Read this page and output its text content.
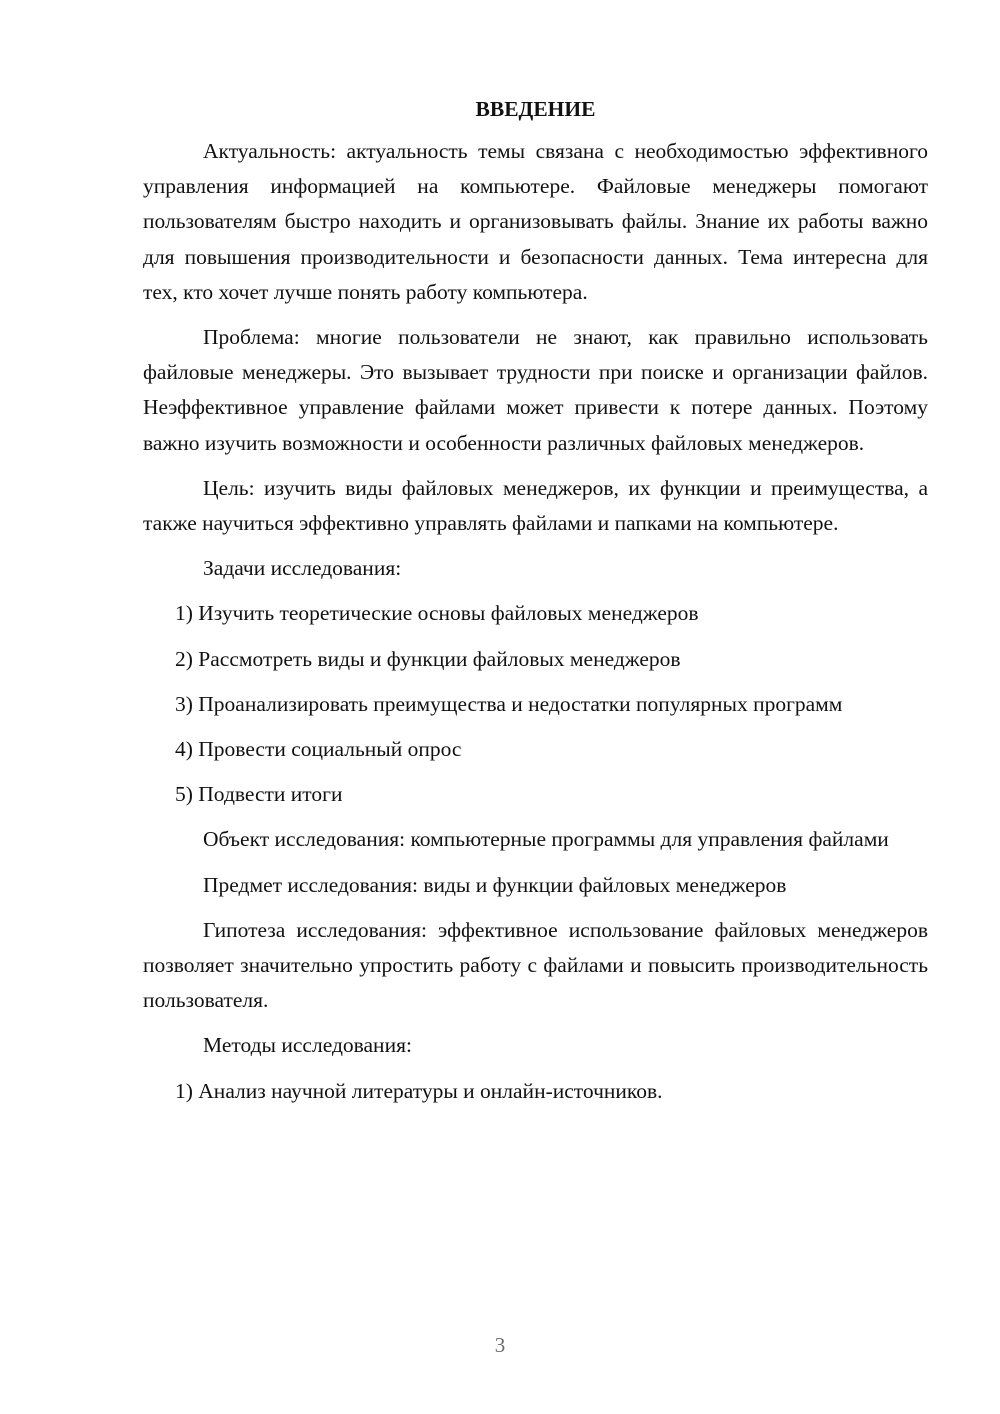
ВВЕДЕНИЕ

Актуальность: актуальность темы связана с необходимостью эффективного управления информацией на компьютере. Файловые менеджеры помогают пользователям быстро находить и организовывать файлы. Знание их работы важно для повышения производительности и безопасности данных. Тема интересна для тех, кто хочет лучше понять работу компьютера.

Проблема: многие пользователи не знают, как правильно использовать файловые менеджеры. Это вызывает трудности при поиске и организации файлов. Неэффективное управление файлами может привести к потере данных. Поэтому важно изучить возможности и особенности различных файловых менеджеров.

Цель: изучить виды файловых менеджеров, их функции и преимущества, а также научиться эффективно управлять файлами и папками на компьютере.

Задачи исследования:

1) Изучить теоретические основы файловых менеджеров

2) Рассмотреть виды и функции файловых менеджеров

3) Проанализировать преимущества и недостатки популярных программ

4) Провести социальный опрос

5) Подвести итоги

Объект исследования: компьютерные программы для управления файлами

Предмет исследования: виды и функции файловых менеджеров

Гипотеза исследования: эффективное использование файловых менеджеров позволяет значительно упростить работу с файлами и повысить производительность пользователя.

Методы исследования:

1) Анализ научной литературы и онлайн-источников.

3
